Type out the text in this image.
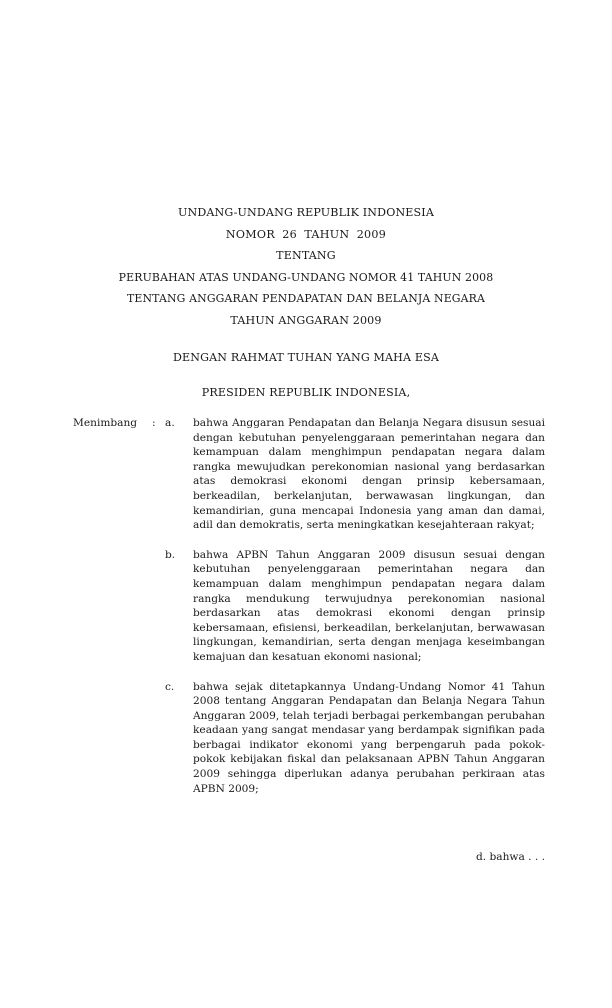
UNDANG-UNDANG REPUBLIK INDONESIA
NOMOR 26 TAHUN 2009
TENTANG
PERUBAHAN ATAS UNDANG-UNDANG NOMOR 41 TAHUN 2008
TENTANG ANGGARAN PENDAPATAN DAN BELANJA NEGARA
TAHUN ANGGARAN 2009
DENGAN RAHMAT TUHAN YANG MAHA ESA
PRESIDEN REPUBLIK INDONESIA,
Menimbang : a.	bahwa Anggaran Pendapatan dan Belanja Negara disusun sesuai dengan kebutuhan penyelenggaraan pemerintahan negara dan kemampuan dalam menghimpun pendapatan negara dalam rangka mewujudkan perekonomian nasional yang berdasarkan atas demokrasi ekonomi dengan prinsip kebersamaan, berkeadilan, berkelanjutan, berwawasan lingkungan, dan kemandirian, guna mencapai Indonesia yang aman dan damai, adil dan demokratis, serta meningkatkan kesejahteraan rakyat;
b.	bahwa APBN Tahun Anggaran 2009 disusun sesuai dengan kebutuhan penyelenggaraan pemerintahan negara dan kemampuan dalam menghimpun pendapatan negara dalam rangka mendukung terwujudnya perekonomian nasional berdasarkan atas demokrasi ekonomi dengan prinsip kebersamaan, efisiensi, berkeadilan, berkelanjutan, berwawasan lingkungan, kemandirian, serta dengan menjaga keseimbangan kemajuan dan kesatuan ekonomi nasional;
c.	bahwa sejak ditetapkannya Undang-Undang Nomor 41 Tahun 2008 tentang Anggaran Pendapatan dan Belanja Negara Tahun Anggaran 2009, telah terjadi berbagai perkembangan perubahan keadaan yang sangat mendasar yang berdampak signifikan pada berbagai indikator ekonomi yang berpengaruh pada pokok-pokok kebijakan fiskal dan pelaksanaan APBN Tahun Anggaran 2009 sehingga diperlukan adanya perubahan perkiraan atas APBN 2009;
d. bahwa . . .
